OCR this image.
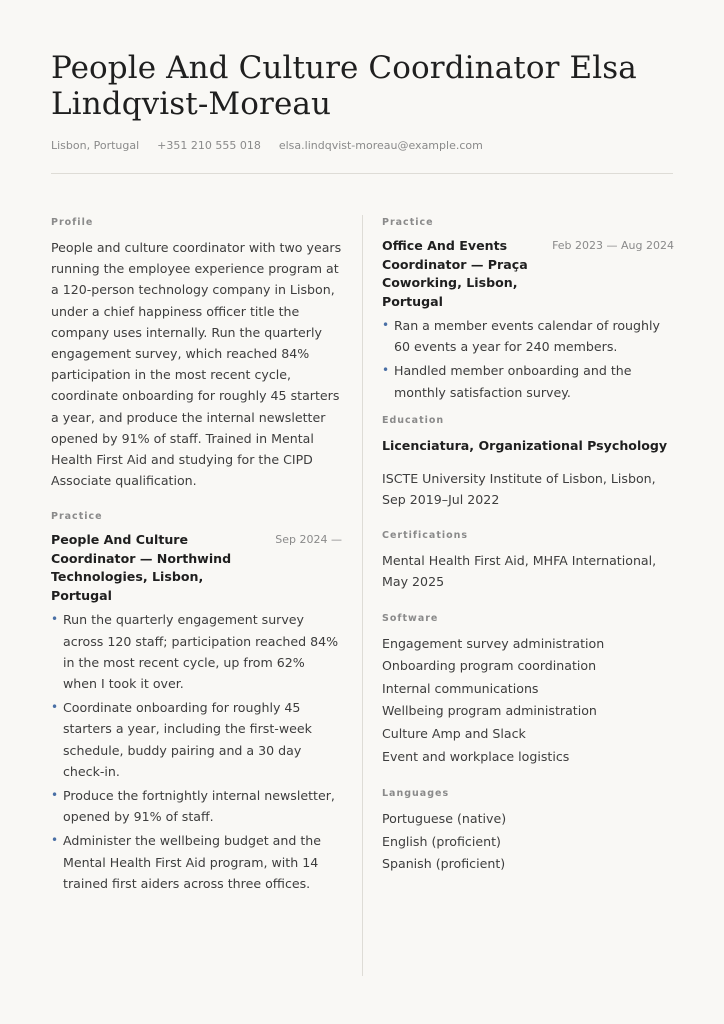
People And Culture Coordinator Elsa Lindqvist-Moreau
Lisbon, Portugal +351 210 555 018 elsa.lindqvist-moreau@example.com
Profile

People and culture coordinator with two years running the employee experience program at a 120-person technology company in Lisbon, under a chief happiness officer title the company uses internally. Run the quarterly engagement survey, which reached 84% participation in the most recent cycle, coordinate onboarding for roughly 45 starters a year, and produce the internal newsletter opened by 91% of staff. Trained in Mental Health First Aid and studying for the CIPD Associate qualification.

Practice
People And Culture Coordinator — Northwind Technologies, Lisbon, Portugal
Sep 2024 —
• Run the quarterly engagement survey across 120 staff; participation reached 84% in the most recent cycle, up from 62% when I took it over.
• Coordinate onboarding for roughly 45 starters a year, including the first-week schedule, buddy pairing and a 30 day check-in.
• Produce the fortnightly internal newsletter, opened by 91% of staff.
• Administer the wellbeing budget and the Mental Health First Aid program, with 14 trained first aiders across three offices.
Practice
Office And Events Coordinator — Praça Coworking, Lisbon, Portugal
Feb 2023 — Aug 2024
• Ran a member events calendar of roughly 60 events a year for 240 members.
• Handled member onboarding and the monthly satisfaction survey.
Education

Licenciatura, Organizational Psychology

ISCTE University Institute of Lisbon, Lisbon, Sep 2019–Jul 2022

Certifications

Mental Health First Aid, MHFA International, May 2025

Software
Engagement survey administration
Onboarding program coordination
Internal communications
Wellbeing program administration
Culture Amp and Slack
Event and workplace logistics
Languages
Portuguese (native)
English (proficient)
Spanish (proficient)
